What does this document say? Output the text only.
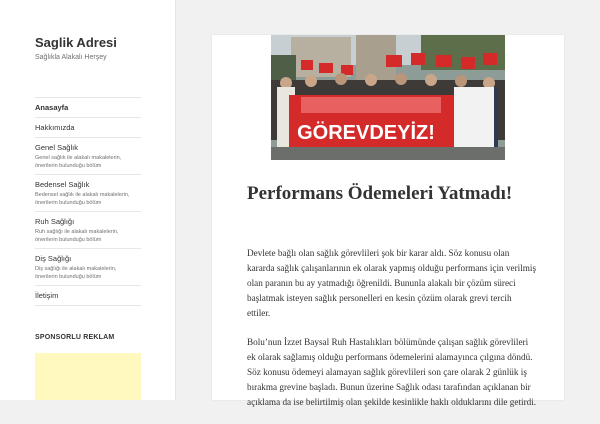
Saglik Adresi
Sağlıkla Alakalı Herşey
Anasayfa
Hakkımızda
Genel Sağlık
Genel sağlık ile alakalı makalelerin,
önerilerin bulunduğu bölüm
Bedensel Sağlık
Bedensel sağlık ile alakalı makalelerin,
önerilerin bulunduğu bölüm
Ruh Sağlığı
Ruh sağlığı ile alakalı makalelerin,
önerilerin bulunduğu bölüm
Diş Sağlığı
Diş sağlığı ile alakalı makalelerin,
önerilerin bulunduğu bölüm
İletişim
SPONSORLU REKLAM
GÖREVDEYİZ!
Performans Ödemeleri Yatmadı!

Devlete bağlı olan sağlık görevlileri şok bir karar aldı. Söz konusu olan kararda sağlık çalışanlarının ek olarak yapmış olduğu performans için verilmiş olan paranın bu ay yatmadığı öğrenildi. Bununla alakalı bir çözüm süreci başlatmak isteyen sağlık personelleri en kesin çözüm olarak grevi tercih ettiler.

Bolu’nun İzzet Baysal Ruh Hastalıkları bölümünde çalışan sağlık görevlileri ek olarak sağlamış olduğu performans ödemelerini alamayınca çılgına döndü. Söz konusu ödemeyi alamayan sağlık görevlileri son çare olarak 2 günlük iş bırakma grevine başladı. Bunun üzerine Sağlık odası tarafından açıklanan bir açıklama da ise belirtilmiş olan şekilde kesinlikle haklı olduklarını dile getirdi.
